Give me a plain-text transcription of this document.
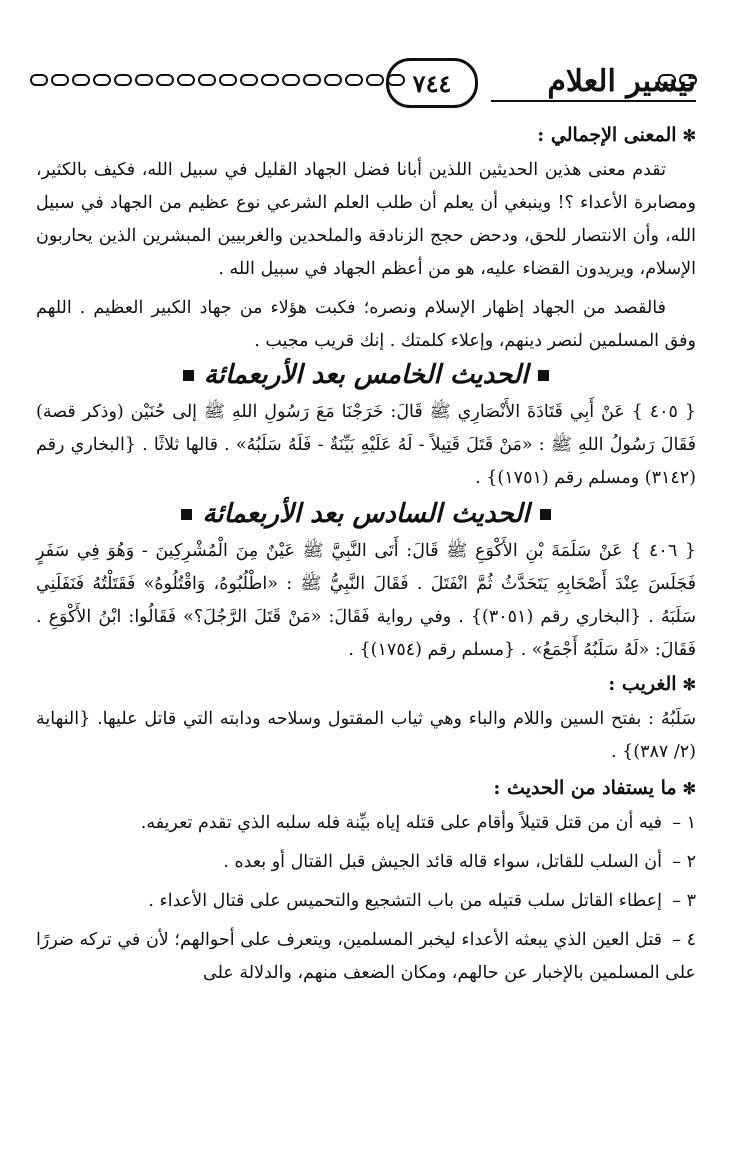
تيسير العلام
٧٤٤
✻المعنى الإجمالي :

تقدم معنى هذين الحديثين اللذين أبانا فضل الجهاد القليل في سبيل الله، فكيف بالكثير، ومصابرة الأعداء ؟! وينبغي أن يعلم أن طلب العلم الشرعي نوع عظيم من الجهاد في سبيل الله، وأن الانتصار للحق، ودحض حجج الزنادقة والملحدين والغربيين المبشرين الذين يحاربون الإسلام، ويريدون القضاء عليه، هو من أعظم الجهاد في سبيل الله .

فالقصد من الجهاد إظهار الإسلام ونصره؛ فكبت هؤلاء من جهاد الكبير العظيم . اللهم وفق المسلمين لنصر دينهم، وإعلاء كلمتك . إنك قريب مجيب .

الحديث الخامس بعد الأربعمائة

{ ٤٠٥ } عَنْ أَبِي قَتَادَةَ الأَنْصَارِي ﷺ قَالَ: خَرَجْنَا مَعَ رَسُولِ اللهِ ﷺ إلى حُنَيْن (وذكر قصة) فَقَالَ رَسُولُ اللهِ ﷺ : «مَنْ قَتَلَ قَتِيلاً - لَهُ عَلَيْهِ بَيِّنَةٌ - فَلَهُ سَلَبُهُ» . قالها ثلاثًا . {البخاري رقم (٣١٤٢) ومسلم رقم (١٧٥١)} .

الحديث السادس بعد الأربعمائة

{ ٤٠٦ } عَنْ سَلَمَةَ بْنِ الأَكْوَعِ ﷺ قَالَ: أَتَى النَّبِيَّ ﷺ عَيْنٌ مِنَ الْمُشْرِكِينَ - وَهُوَ فِي سَفَرٍ فَجَلَسَ عِنْدَ أَصْحَابِهِ يَتَحَدَّثُ ثُمَّ انْفَتَلَ . فَقَالَ النَّبِيُّ ﷺ : «اطْلُبُوهُ، وَاقْتُلُوهُ» فَقَتَلْتُهُ فَنَفَلَنِي سَلَبَهُ . {البخاري رقم (٣٠٥١)} . وفي رواية فَقَالَ: «مَنْ قَتَلَ الرَّجُلَ؟» فَقَالُوا: ابْنُ الأَكْوَعِ . فَقَالَ: «لَهُ سَلَبُهُ أَجْمَعُ» . {مسلم رقم (١٧٥٤)} .

✻الغريب :

سَلَبُهُ : بفتح السين واللام والباء وهي ثياب المقتول وسلاحه ودابته التي قاتل عليها. {النهاية (٢/ ٣٨٧)} .

✻ما يستفاد من الحديث :
١ –فيه أن من قتل قتيلاً وأقام على قتله إياه بيِّنة فله سلبه الذي تقدم تعريفه.
٢ –أن السلب للقاتل، سواء قاله قائد الجيش قبل القتال أو بعده .
٣ –إعطاء القاتل سلب قتيله من باب التشجيع والتحميس على قتال الأعداء .
٤ –قتل العين الذي يبعثه الأعداء ليخبر المسلمين، ويتعرف على أحوالهم؛ لأن في تركه ضررًا على المسلمين بالإخبار عن حالهم، ومكان الضعف منهم، والدلالة على
